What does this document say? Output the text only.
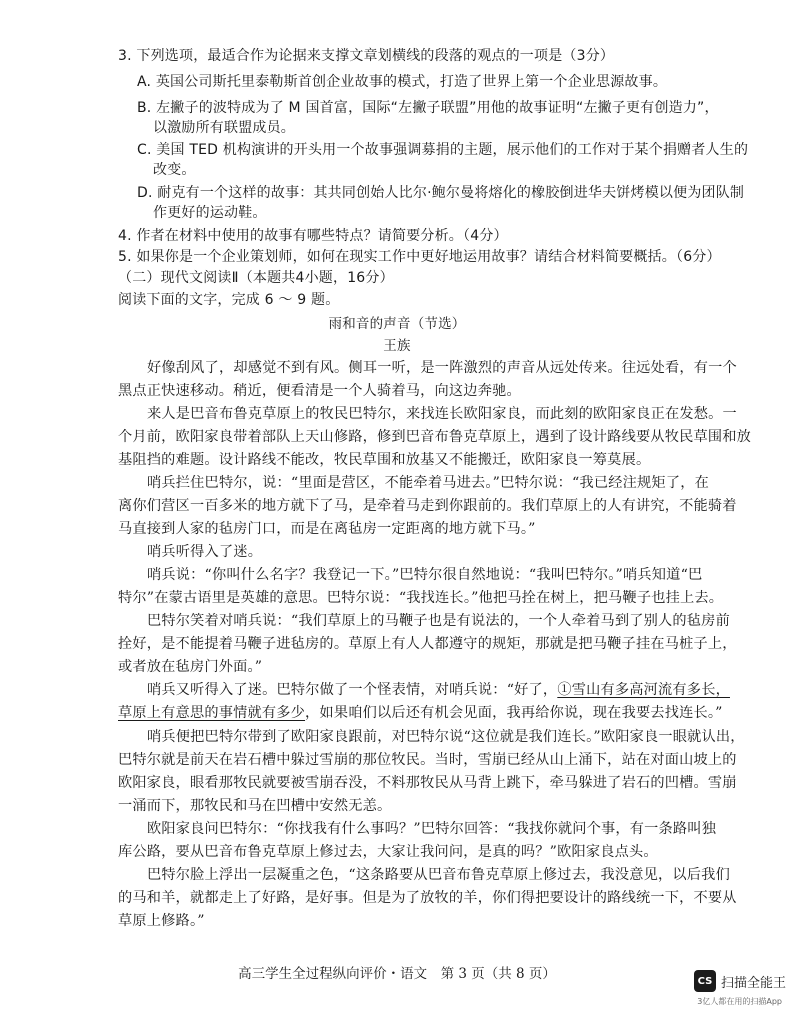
3. 下列选项，最适合作为论据来支撑文章划横线的段落的观点的一项是（3分）
A. 英国公司斯托里泰勒斯首创企业故事的模式，打造了世界上第一个企业思源故事。
B. 左撇子的波特成为了 M 国首富，国际“左撇子联盟”用他的故事证明“左撇子更有创造力”，
以激励所有联盟成员。
C. 美国 TED 机构演讲的开头用一个故事强调募捐的主题，展示他们的工作对于某个捐赠者人生的
改变。
D. 耐克有一个这样的故事：其共同创始人比尔·鲍尔曼将熔化的橡胶倒进华夫饼烤模以便为团队制
作更好的运动鞋。
4. 作者在材料中使用的故事有哪些特点？请简要分析。（4分）
5. 如果你是一个企业策划师，如何在现实工作中更好地运用故事？请结合材料简要概括。（6分）
（二）现代文阅读Ⅱ（本题共4小题，16分）
阅读下面的文字，完成 6 ～ 9 题。
雨和音的声音（节选）
王族
好像刮风了，却感觉不到有风。侧耳一听，是一阵激烈的声音从远处传来。往远处看，有一个
黑点正快速移动。稍近，便看清是一个人骑着马，向这边奔驰。
来人是巴音布鲁克草原上的牧民巴特尔，来找连长欧阳家良，而此刻的欧阳家良正在发愁。一
个月前，欧阳家良带着部队上天山修路，修到巴音布鲁克草原上，遇到了设计路线要从牧民草围和放
基阻挡的难题。设计路线不能改，牧民草围和放基又不能搬迁，欧阳家良一筹莫展。
哨兵拦住巴特尔，说：“里面是营区，不能牵着马进去。”巴特尔说：“我已经注规矩了，在
离你们营区一百多米的地方就下了马，是牵着马走到你跟前的。我们草原上的人有讲究，不能骑着
马直接到人家的毡房门口，而是在离毡房一定距离的地方就下马。”
哨兵听得入了迷。
哨兵说：“你叫什么名字？我登记一下。”巴特尔很自然地说：“我叫巴特尔。”哨兵知道“巴
特尔”在蒙古语里是英雄的意思。巴特尔说：“我找连长。”他把马拴在树上，把马鞭子也挂上去。
巴特尔笑着对哨兵说：“我们草原上的马鞭子也是有说法的，一个人牵着马到了别人的毡房前
拴好，是不能提着马鞭子进毡房的。草原上有人人都遵守的规矩，那就是把马鞭子挂在马桩子上，
或者放在毡房门外面。”
哨兵又听得入了迷。巴特尔做了一个怪表情，对哨兵说：“好了，①雪山有多高河流有多长，
草原上有意思的事情就有多少，如果咱们以后还有机会见面，我再给你说，现在我要去找连长。”
哨兵便把巴特尔带到了欧阳家良跟前，对巴特尔说“这位就是我们连长。”欧阳家良一眼就认出，
巴特尔就是前天在岩石槽中躲过雪崩的那位牧民。当时，雪崩已经从山上涌下，站在对面山坡上的
欧阳家良，眼看那牧民就要被雪崩吞没，不料那牧民从马背上跳下，牵马躲进了岩石的凹槽。雪崩
一涌而下，那牧民和马在凹槽中安然无恙。
欧阳家良问巴特尔：“你找我有什么事吗？”巴特尔回答：“我找你就问个事，有一条路叫独
库公路，要从巴音布鲁克草原上修过去，大家让我问问，是真的吗？”欧阳家良点头。
巴特尔脸上浮出一层凝重之色，“这条路要从巴音布鲁克草原上修过去，我没意见，以后我们
的马和羊，就都走上了好路，是好事。但是为了放牧的羊，你们得把要设计的路线统一下，不要从
草原上修路。”
高三学生全过程纵向评价・语文　第 3 页（共 8 页）	CS 扫描全能王
3亿人都在用的扫描App
